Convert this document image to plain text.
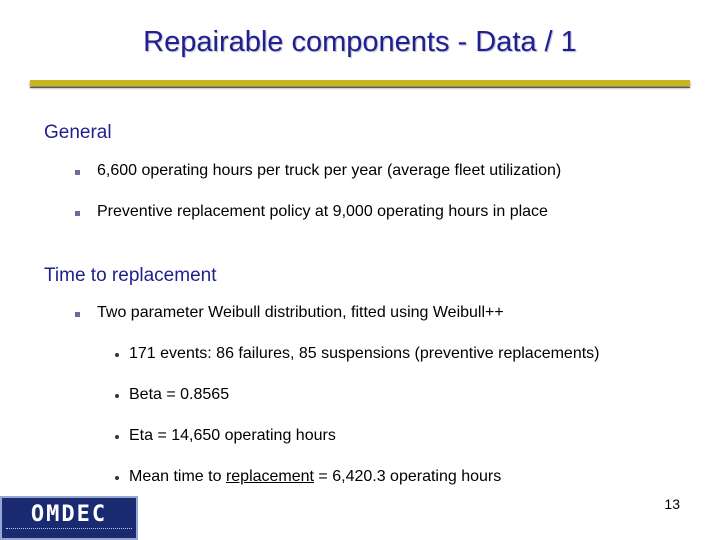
Repairable components - Data / 1
General
6,600 operating hours per truck per year (average fleet utilization)
Preventive replacement policy at 9,000 operating hours in place
Time to replacement
Two parameter Weibull distribution, fitted using Weibull++
171 events: 86 failures, 85 suspensions (preventive replacements)
Beta = 0.8565
Eta = 14,650 operating hours
Mean time to replacement = 6,420.3 operating hours
13
OMDEC
